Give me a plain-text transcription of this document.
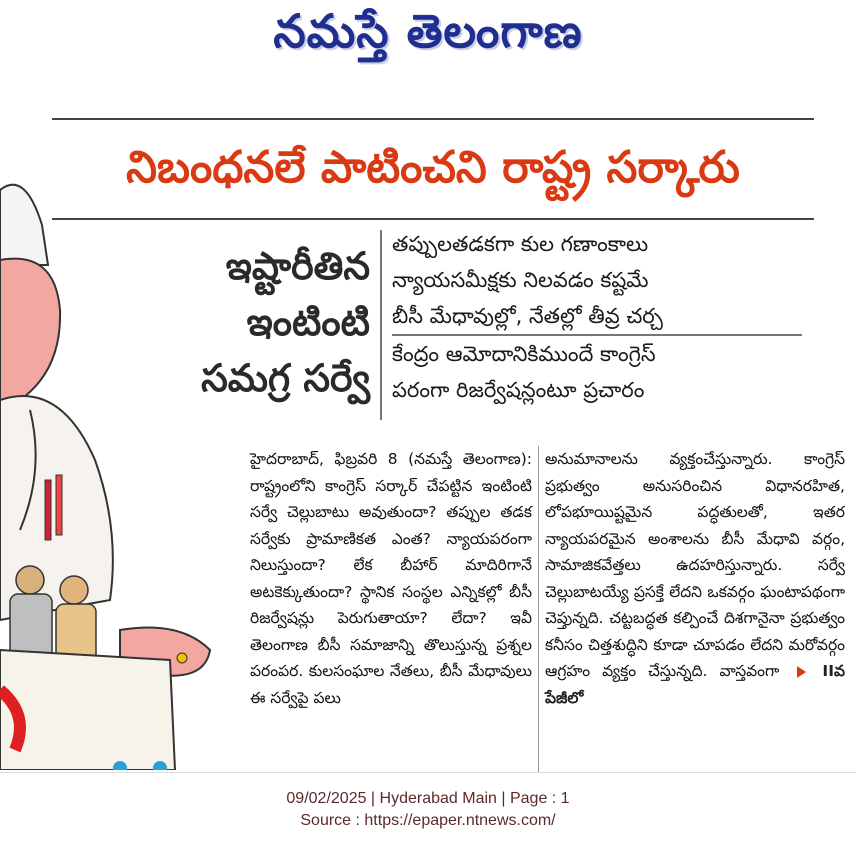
నమస్తే తెలంగాణ
నిబంధనలే పాటించని రాష్ట్ర సర్కారు
ఇష్టారీతిన
ఇంటింటి
సమగ్ర సర్వే
తప్పులతడకగా కుల గణాంకాలు
న్యాయసమీక్షకు నిలవడం కష్టమే
బీసీ మేధావుల్లో, నేతల్లో తీవ్ర చర్చ
కేంద్రం ఆమోదానికిముందే కాంగ్రెస్
పరంగా రిజర్వేషన్లంటూ ప్రచారం
హైదరాబాద్, ఫిబ్రవరి 8 (నమస్తే తెలంగాణ): రాష్ట్రంలోని కాంగ్రెస్ సర్కార్ చేపట్టిన ఇంటింటి సర్వే చెల్లుబాటు అవుతుందా? తప్పుల తడక సర్వేకు ప్రామాణికత ఎంత? న్యాయపరంగా నిలుస్తుందా? లేక బీహార్ మాదిరిగానే అటకెక్కుతుందా? స్థానిక సంస్థల ఎన్నికల్లో బీసీ రిజర్వేషన్లు పెరుగుతాయా? లేదా? ఇవీ తెలంగాణ బీసీ సమాజాన్ని తొలుస్తున్న ప్రశ్నల పరంపర. కులసంఘాల నేతలు, బీసీ మేధావులు ఈ సర్వేపై పలు
అనుమానాలను వ్యక్తంచేస్తున్నారు. కాంగ్రెస్ ప్రభుత్వం అనుసరించిన విధానరహిత, లోపభూయిష్టమైన పద్ధతులతో, ఇతర న్యాయపరమైన అంశాలను బీసీ మేధావి వర్గం, సామాజికవేత్తలు ఉదహరిస్తున్నారు. సర్వే చెల్లుబాటయ్యే ప్రసక్తే లేదని ఒకవర్గం ఘంటాపథంగా చెప్తున్నది. చట్టబద్ధత కల్పించే దిశగానైనా ప్రభుత్వం కనీసం చిత్తశుద్ధిని కూడా చూపడం లేదని మరోవర్గం ఆగ్రహం వ్యక్తం చేస్తున్నది. వాస్తవంగా	IIవ పేజీలో
09/02/2025 | Hyderabad Main | Page : 1
Source : https://epaper.ntnews.com/
